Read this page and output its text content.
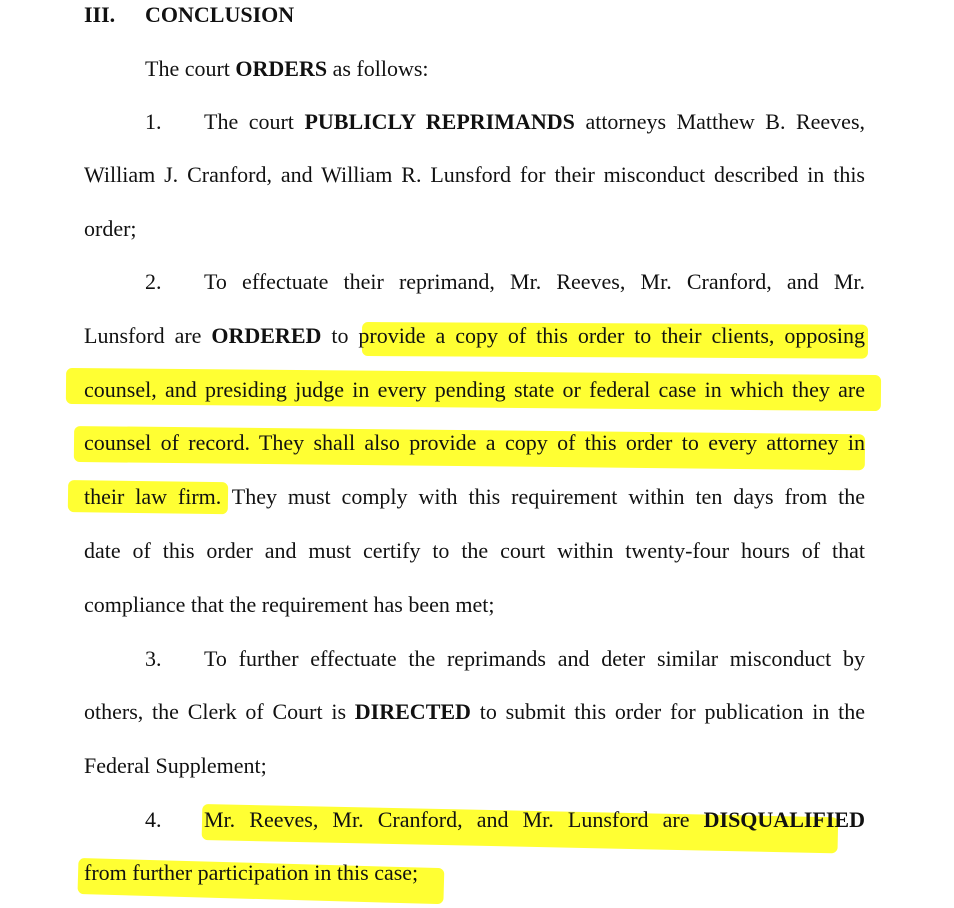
III. CONCLUSION
The court ORDERS as follows:
1. The court PUBLICLY REPRIMANDS attorneys Matthew B. Reeves,
William J. Cranford, and William R. Lunsford for their misconduct described in this
order;
2. To effectuate their reprimand, Mr. Reeves, Mr. Cranford, and Mr.
Lunsford are ORDERED to provide a copy of this order to their clients, opposing
counsel, and presiding judge in every pending state or federal case in which they are
counsel of record. They shall also provide a copy of this order to every attorney in
their law firm. They must comply with this requirement within ten days from the
date of this order and must certify to the court within twenty-four hours of that
compliance that the requirement has been met;
3. To further effectuate the reprimands and deter similar misconduct by
others, the Clerk of Court is DIRECTED to submit this order for publication in the
Federal Supplement;
4. Mr. Reeves, Mr. Cranford, and Mr. Lunsford are DISQUALIFIED
from further participation in this case;
